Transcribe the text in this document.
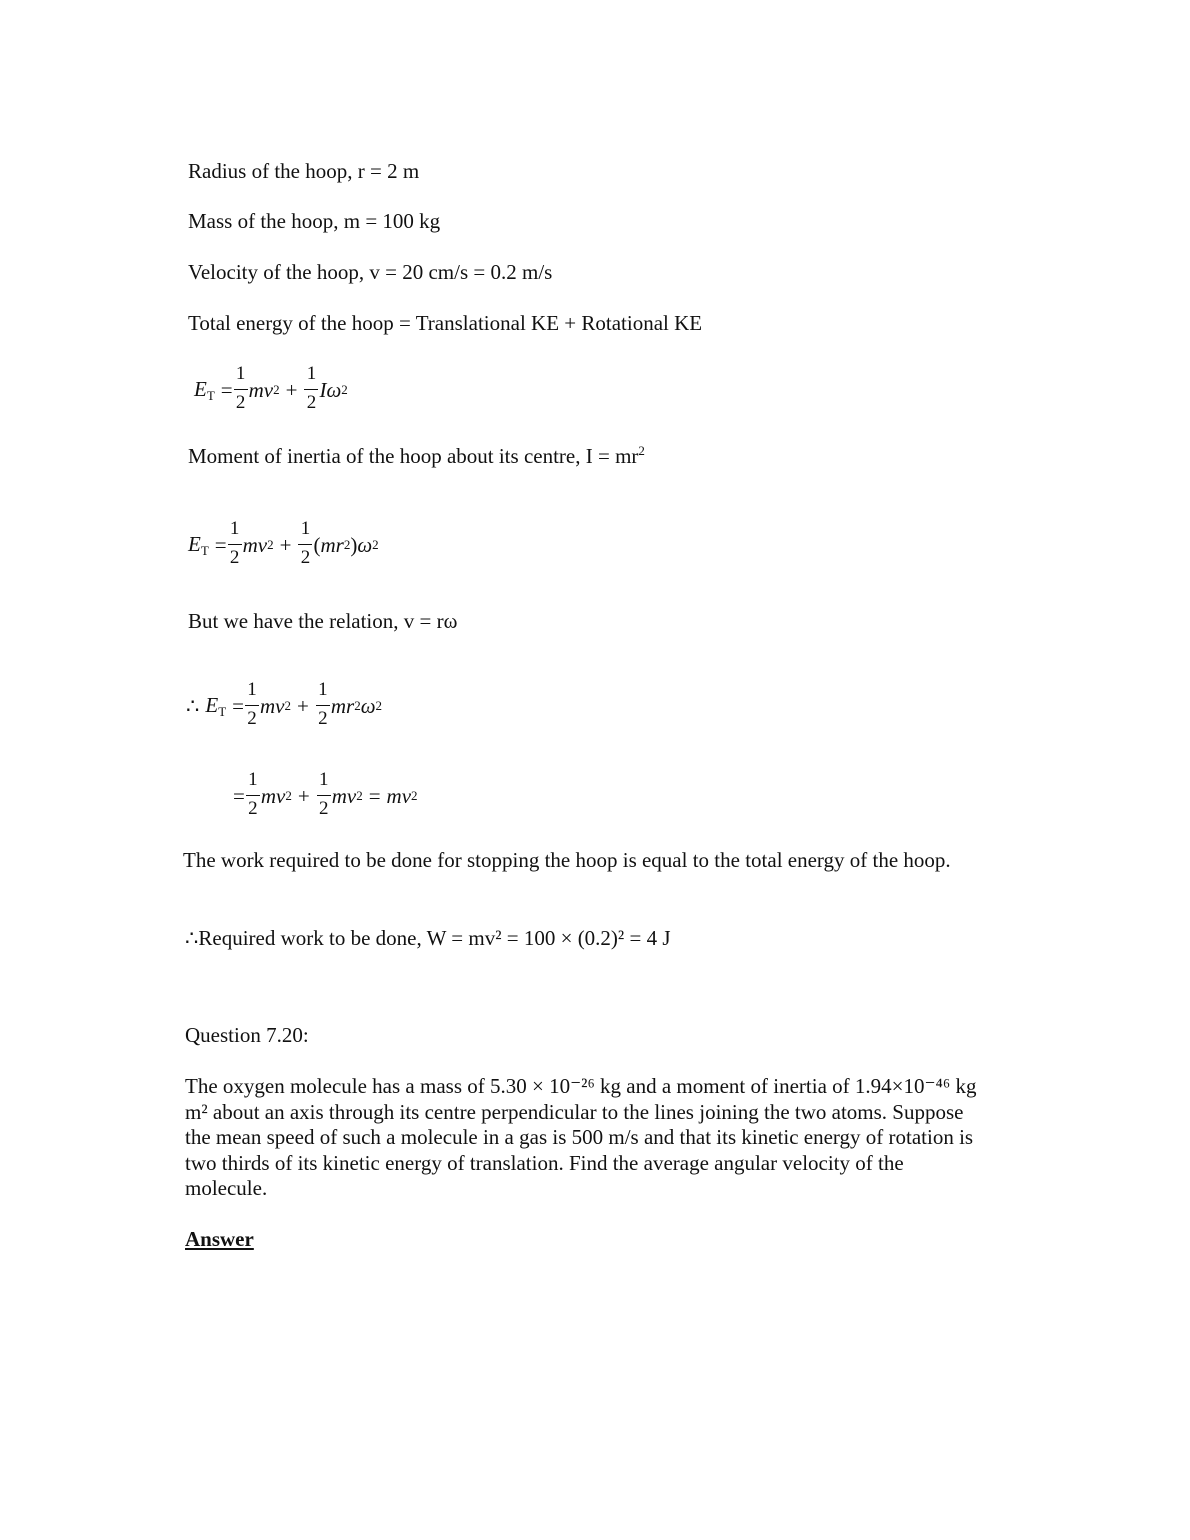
Radius of the hoop, r = 2 m
Mass of the hoop, m = 100 kg
Velocity of the hoop, v = 20 cm/s = 0.2 m/s
Total energy of the hoop = Translational KE + Rotational KE
ET = $\frac{1}{2}$ mv $2 + \frac{1}{2}$ Iω 2
Moment of inertia of the hoop about its centre, $I = mr^2$
ET = $\frac{1}{2}$ mv $2 + \frac{1}{2}$ ( mr 2 ) ω 2
But we have the relation, v = rω
∴ ET = $\frac{1}{2}$ mv $2 + \frac{1}{2}$ mr 2 ω 2
= $\frac{1}{2}$ mv $2 + \frac{1}{2}$ mv 2 = mv 2
The work required to be done for stopping the hoop is equal to the total energy of the hoop.
∴Required work to be done, W = mv² = 100 × (0.2)² = 4 J
Question 7.20:
The oxygen molecule has a mass of 5.30 × 10⁻²⁶ kg and a moment of inertia of 1.94×10⁻⁴⁶ kg m² about an axis through its centre perpendicular to the lines joining the two atoms. Suppose the mean speed of such a molecule in a gas is 500 m/s and that its kinetic energy of rotation is two thirds of its kinetic energy of translation. Find the average angular velocity of the molecule.
Answer
